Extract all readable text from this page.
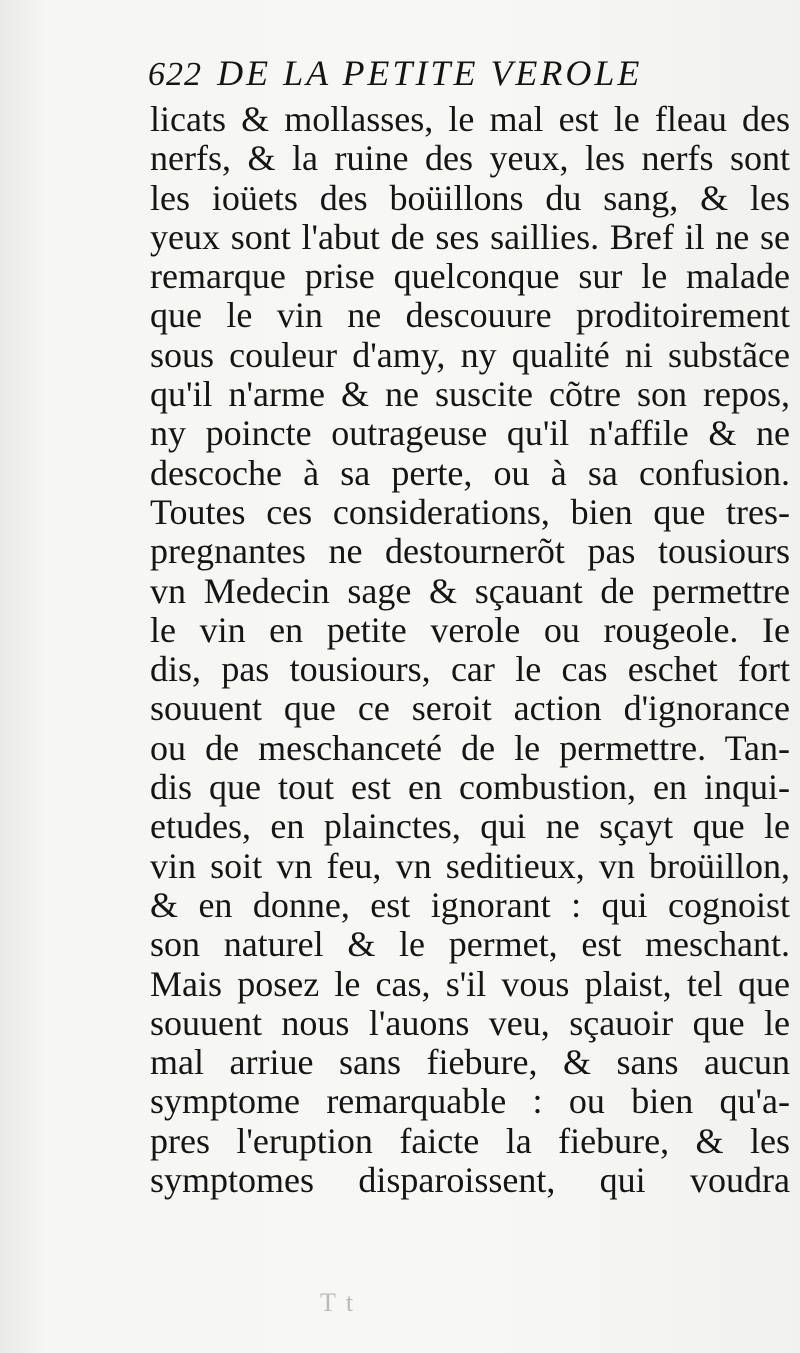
622 DE LA PETITE VEROLE
licats & mollasses, le mal est le fleau des
nerfs, & la ruine des yeux, les nerfs sont
les ioüets des boüillons du sang, & les
yeux sont l'abut de ses saillies. Bref il ne se
remarque prise quelconque sur le malade
que le vin ne descouure proditoirement
sous couleur d'amy, ny qualité ni substãce
qu'il n'arme & ne suscite cõtre son repos,
ny poincte outrageuse qu'il n'affile & ne
descoche à sa perte, ou à sa confusion.
Toutes ces considerations, bien que tres-
pregnantes ne destournerõt pas tousiours
vn Medecin sage & sçauant de permettre
le vin en petite verole ou rougeole. Ie
dis, pas tousiours, car le cas eschet fort
souuent que ce seroit action d'ignorance
ou de meschanceté de le permettre. Tan-
dis que tout est en combustion, en inqui-
etudes, en plainctes, qui ne sçayt que le
vin soit vn feu, vn seditieux, vn broüillon,
& en donne, est ignorant : qui cognoist
son naturel & le permet, est meschant.
Mais posez le cas, s'il vous plaist, tel que
souuent nous l'auons veu, sçauoir que le
mal arriue sans fiebure, & sans aucun
symptome remarquable : ou bien qu'a-
pres l'eruption faicte la fiebure, & les
symptomes disparoissent, qui voudra
T t
